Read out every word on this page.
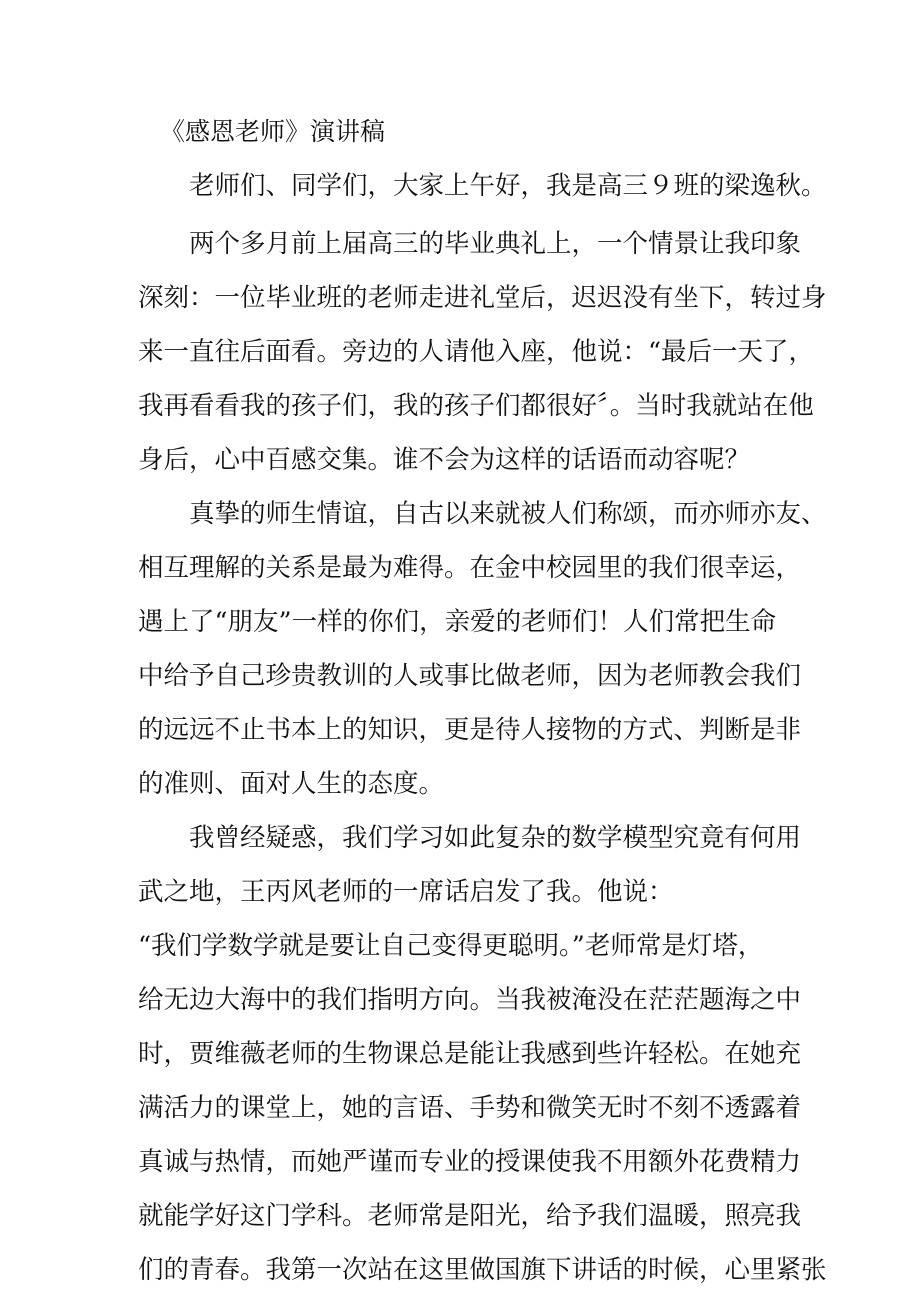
《感恩老师》演讲稿

　　老师们、同学们，大家上午好，我是高三９班的梁逸秋。

　　两个多月前上届高三的毕业典礼上，一个情景让我印象

深刻：一位毕业班的老师走进礼堂后，迟迟没有坐下，转过身

来一直往后面看。旁边的人请他入座，他说：“最后一天了，

我再看看我的孩子们，我的孩子们都很好〞。当时我就站在他

身后，心中百感交集。谁不会为这样的话语而动容呢？

　　真挚的师生情谊，自古以来就被人们称颂，而亦师亦友、

相互理解的关系是最为难得。在金中校园里的我们很幸运，

遇上了“朋友”一样的你们，亲爱的老师们！人们常把生命

中给予自己珍贵教训的人或事比做老师，因为老师教会我们

的远远不止书本上的知识，更是待人接物的方式、判断是非

的准则、面对人生的态度。

　　我曾经疑惑，我们学习如此复杂的数学模型究竟有何用

武之地，王丙风老师的一席话启发了我。他说：

“我们学数学就是要让自己变得更聪明。”老师常是灯塔，

给无边大海中的我们指明方向。当我被淹没在茫茫题海之中

时，贾维薇老师的生物课总是能让我感到些许轻松。在她充

满活力的课堂上，她的言语、手势和微笑无时不刻不透露着

真诚与热情，而她严谨而专业的授课使我不用额外花费精力

就能学好这门学科。老师常是阳光，给予我们温暖，照亮我

们的青春。我第一次站在这里做国旗下讲话的时候，心里紧张
